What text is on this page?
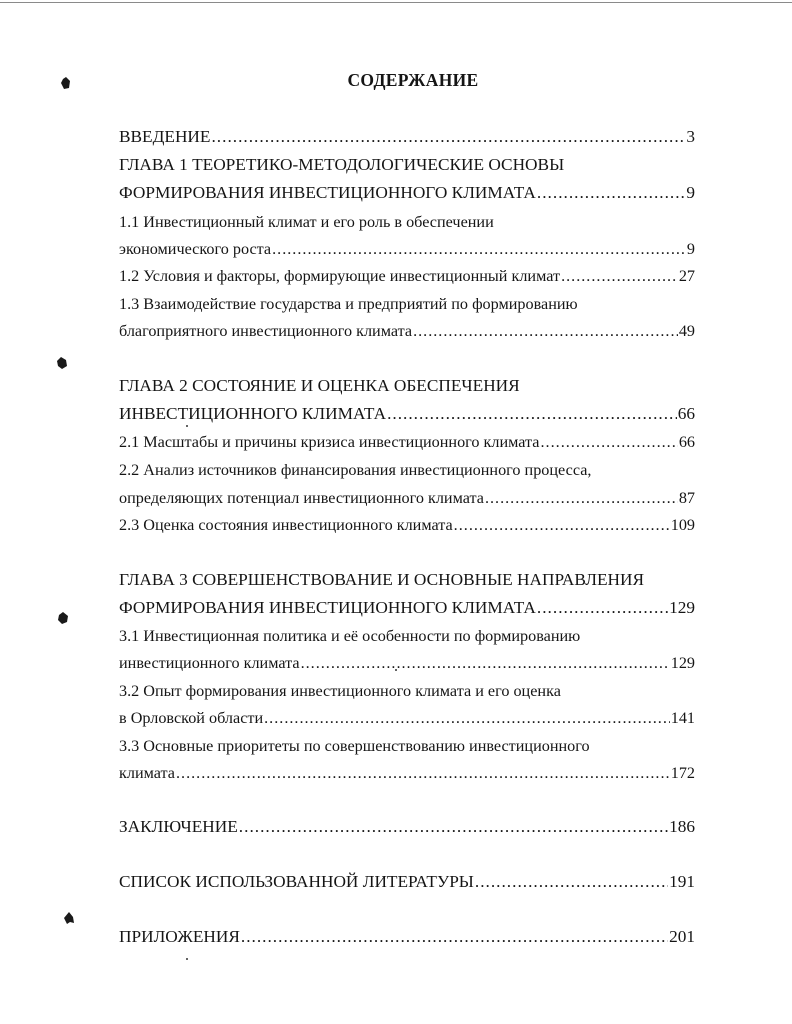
СОДЕРЖАНИЕ
ВВЕДЕНИЕ .....	3
ГЛАВА 1 ТЕОРЕТИКО-МЕТОДОЛОГИЧЕСКИЕ ОСНОВЫ
ФОРМИРОВАНИЯ ИНВЕСТИЦИОННОГО КЛИМАТА .....	9
1.1 Инвестиционный климат и его роль в обеспечении
экономического роста .....	9
1.2 Условия и факторы, формирующие инвестиционный климат .....	27
1.3 Взаимодействие государства и предприятий по формированию
благоприятного инвестиционного климата .....	49
ГЛАВА 2 СОСТОЯНИЕ И ОЦЕНКА ОБЕСПЕЧЕНИЯ
ИНВЕСТИЦИОННОГО КЛИМАТА .....	66
2.1 Масштабы и причины кризиса инвестиционного климата .....	66
2.2 Анализ источников финансирования инвестиционного процесса,
определяющих потенциал инвестиционного климата .....	87
2.3 Оценка состояния инвестиционного климата .....	109
ГЛАВА 3 СОВЕРШЕНСТВОВАНИЕ И ОСНОВНЫЕ НАПРАВЛЕНИЯ
ФОРМИРОВАНИЯ ИНВЕСТИЦИОННОГО КЛИМАТА .....	129
3.1 Инвестиционная политика и её особенности по формированию
инвестиционного климата .....	129
3.2 Опыт формирования инвестиционного климата и его оценка
в Орловской области .....	141
3.3 Основные приоритеты по совершенствованию инвестиционного
климата .....	172
ЗАКЛЮЧЕНИЕ .....	186
СПИСОК ИСПОЛЬЗОВАННОЙ ЛИТЕРАТУРЫ .....	191
ПРИЛОЖЕНИЯ .....	201
